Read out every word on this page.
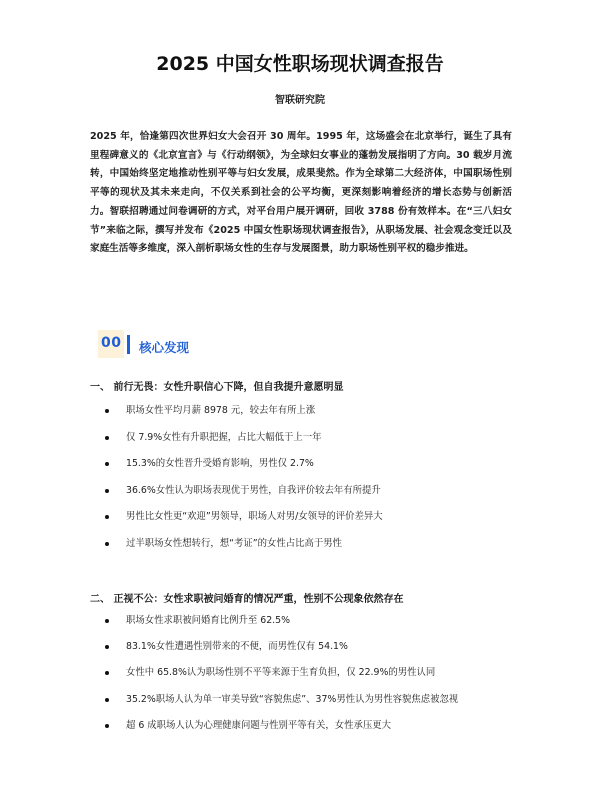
2025 中国女性职场现状调查报告
智联研究院

2025 年，恰逢第四次世界妇女大会召开 30 周年。1995 年，这场盛会在北京举行，诞生了具有里程碑意义的《北京宣言》与《行动纲领》，为全球妇女事业的蓬勃发展指明了方向。30 载岁月流转，中国始终坚定地推动性别平等与妇女发展，成果斐然。作为全球第二大经济体，中国职场性别平等的现状及其未来走向，不仅关系到社会的公平均衡，更深刻影响着经济的增长态势与创新活力。智联招聘通过问卷调研的方式，对平台用户展开调研，回收 3788 份有效样本。在“三八妇女节”来临之际，撰写并发布《2025 中国女性职场现状调查报告》，从职场发展、社会观念变迁以及家庭生活等多维度，深入剖析职场女性的生存与发展图景，助力职场性别平权的稳步推进。

00 核心发现
一、 前行无畏：女性升职信心下降，但自我提升意愿明显
职场女性平均月薪 8978 元，较去年有所上涨
仅 7.9%女性有升职把握，占比大幅低于上一年
15.3%的女性晋升受婚育影响，男性仅 2.7%
36.6%女性认为职场表现优于男性，自我评价较去年有所提升
男性比女性更“欢迎”男领导，职场人对男/女领导的评价差异大
过半职场女性想转行，想“考证”的女性占比高于男性
二、 正视不公：女性求职被问婚育的情况严重，性别不公现象依然存在
职场女性求职被问婚育比例升至 62.5%
83.1%女性遭遇性别带来的不便，而男性仅有 54.1%
女性中 65.8%认为职场性别不平等来源于生育负担，仅 22.9%的男性认同
35.2%职场人认为单一审美导致“容貌焦虑”、37%男性认为男性容貌焦虑被忽视
超 6 成职场人认为心理健康问题与性别平等有关，女性承压更大
